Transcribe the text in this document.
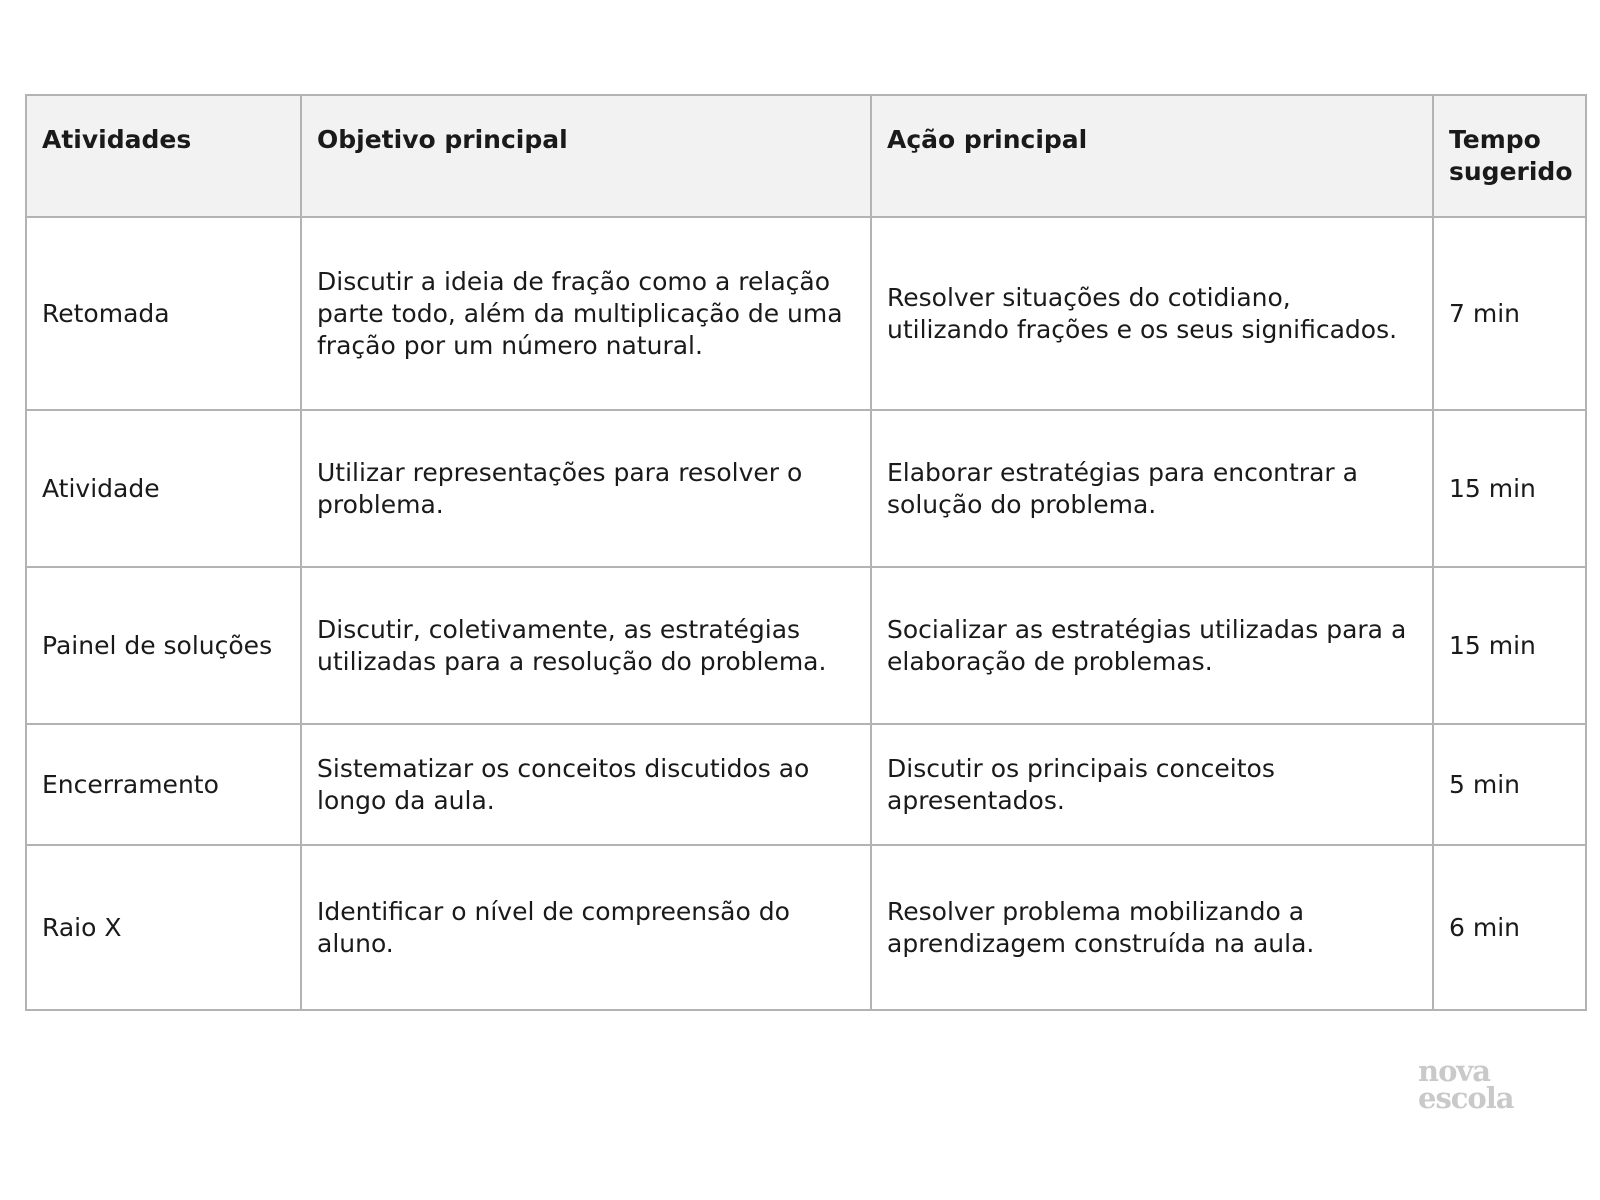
Atividades	Objetivo principal	Ação principal	Tempo sugerido
Retomada	Discutir a ideia de fração como a relação parte todo, além da multiplicação de uma fração por um número natural.	Resolver situações do cotidiano, utilizando frações e os seus significados.	7 min
Atividade	Utilizar representações para resolver o problema.	Elaborar estratégias para encontrar a solução do problema.	15 min
Painel de soluções	Discutir, coletivamente, as estratégias utilizadas para a resolução do problema.	Socializar as estratégias utilizadas para a elaboração de problemas.	15 min
Encerramento	Sistematizar os conceitos discutidos ao longo da aula.	Discutir os principais conceitos apresentados.	5 min
Raio X	Identificar o nível de compreensão do aluno.	Resolver problema mobilizando a aprendizagem construída na aula.	6 min
nova
escola
